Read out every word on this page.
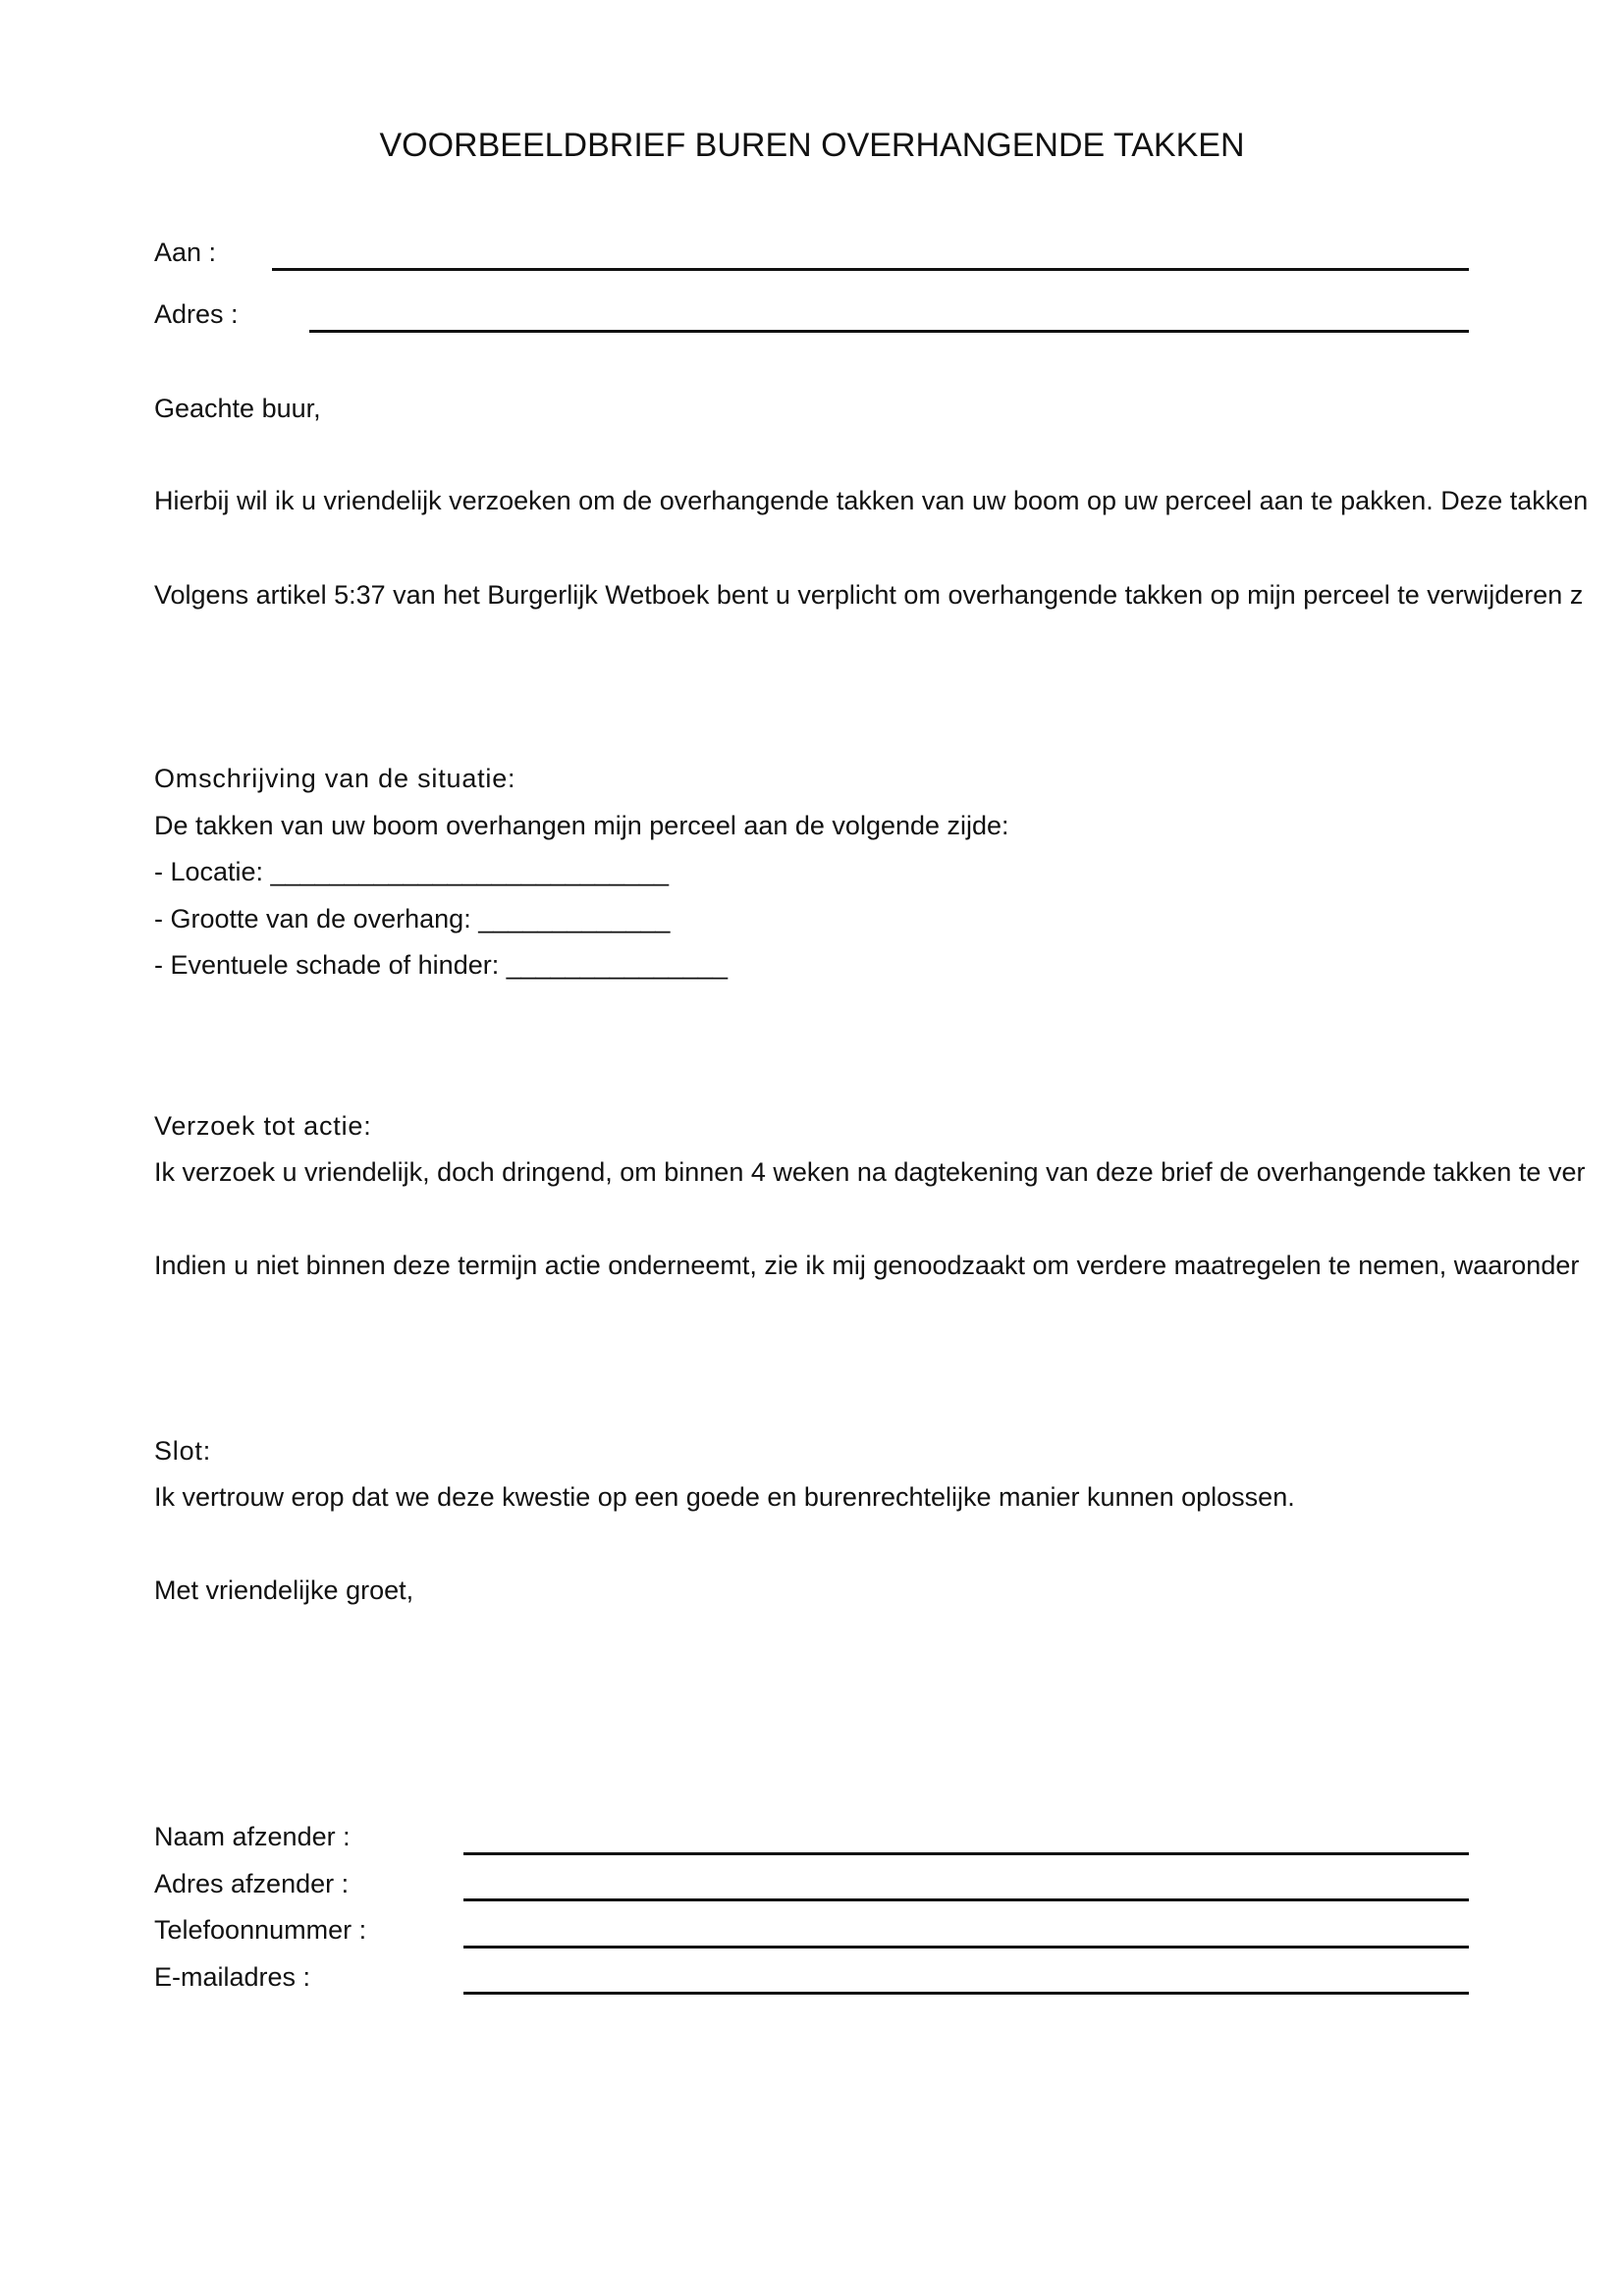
VOORBEELDBRIEF BUREN OVERHANGENDE TAKKEN

Aan :

Adres :

Geachte buur,

Hierbij wil ik u vriendelijk verzoeken om de overhangende takken van uw boom op uw perceel aan te pakken. Deze takken

Volgens artikel 5:37 van het Burgerlijk Wetboek bent u verplicht om overhangende takken op mijn perceel te verwijderen z

Omschrijving van de situatie:

De takken van uw boom overhangen mijn perceel aan de volgende zijde:

- Locatie: ___________________________

- Grootte van de overhang: _____________

- Eventuele schade of hinder: _______________

Verzoek tot actie:

Ik verzoek u vriendelijk, doch dringend, om binnen 4 weken na dagtekening van deze brief de overhangende takken te ver

Indien u niet binnen deze termijn actie onderneemt, zie ik mij genoodzaakt om verdere maatregelen te nemen, waaronder

Slot:

Ik vertrouw erop dat we deze kwestie op een goede en burenrechtelijke manier kunnen oplossen.

Met vriendelijke groet,

Naam afzender :

Adres afzender :

Telefoonnummer :

E-mailadres :
